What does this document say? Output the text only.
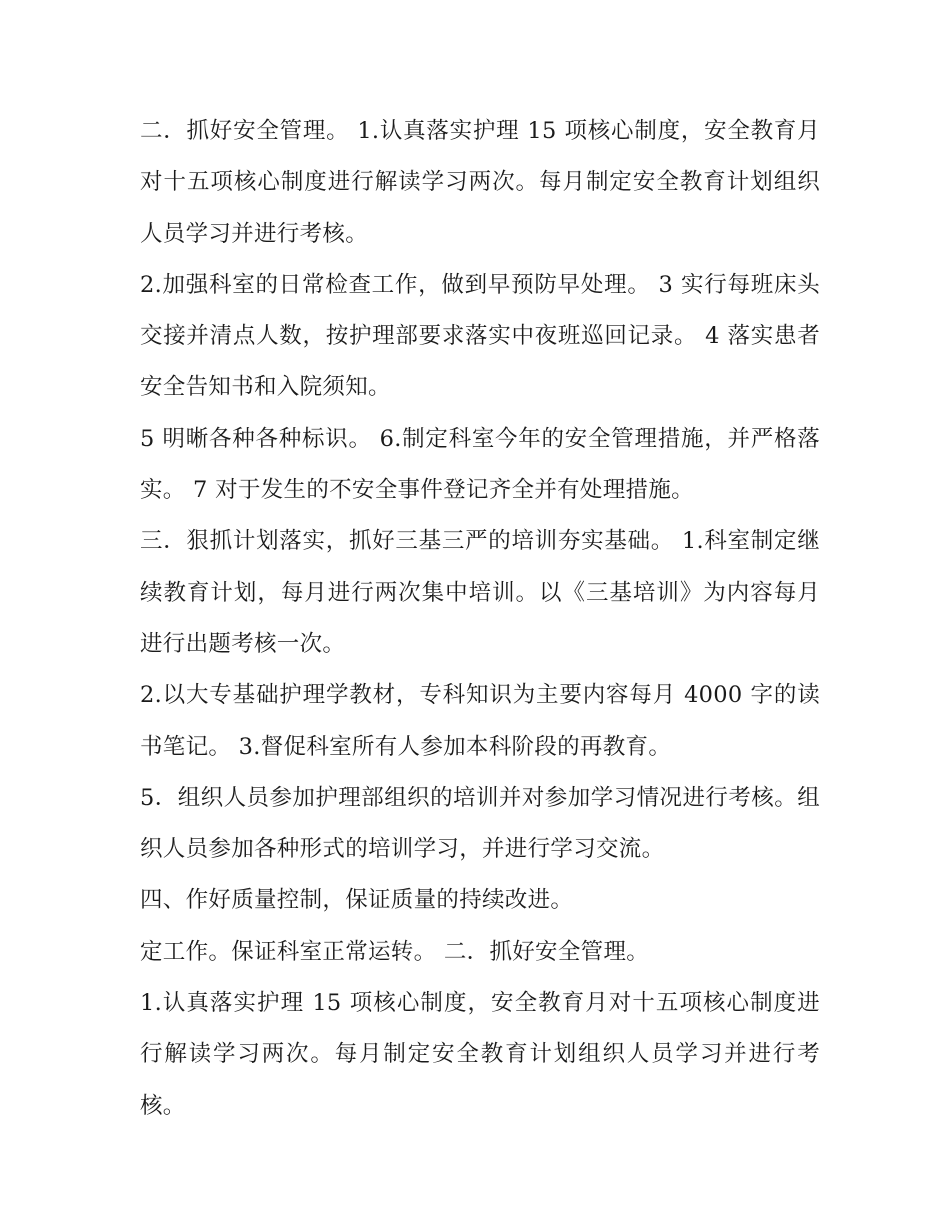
二．抓好安全管理。 1.认真落实护理 15 项核心制度，安全教育月对十五项核心制度进行解读学习两次。每月制定安全教育计划组织人员学习并进行考核。

2.加强科室的日常检查工作，做到早预防早处理。 3 实行每班床头交接并清点人数，按护理部要求落实中夜班巡回记录。 4 落实患者安全告知书和入院须知。

5 明晰各种各种标识。 6.制定科室今年的安全管理措施，并严格落实。 7 对于发生的不安全事件登记齐全并有处理措施。

三．狠抓计划落实，抓好三基三严的培训夯实基础。 1.科室制定继续教育计划，每月进行两次集中培训。以《三基培训》为内容每月进行出题考核一次。

2.以大专基础护理学教材，专科知识为主要内容每月 4000 字的读书笔记。 3.督促科室所有人参加本科阶段的再教育。

5．组织人员参加护理部组织的培训并对参加学习情况进行考核。组织人员参加各种形式的培训学习，并进行学习交流。

四、作好质量控制，保证质量的持续改进。

定工作。保证科室正常运转。 二．抓好安全管理。

1.认真落实护理 15 项核心制度，安全教育月对十五项核心制度进行解读学习两次。每月制定安全教育计划组织人员学习并进行考核。
